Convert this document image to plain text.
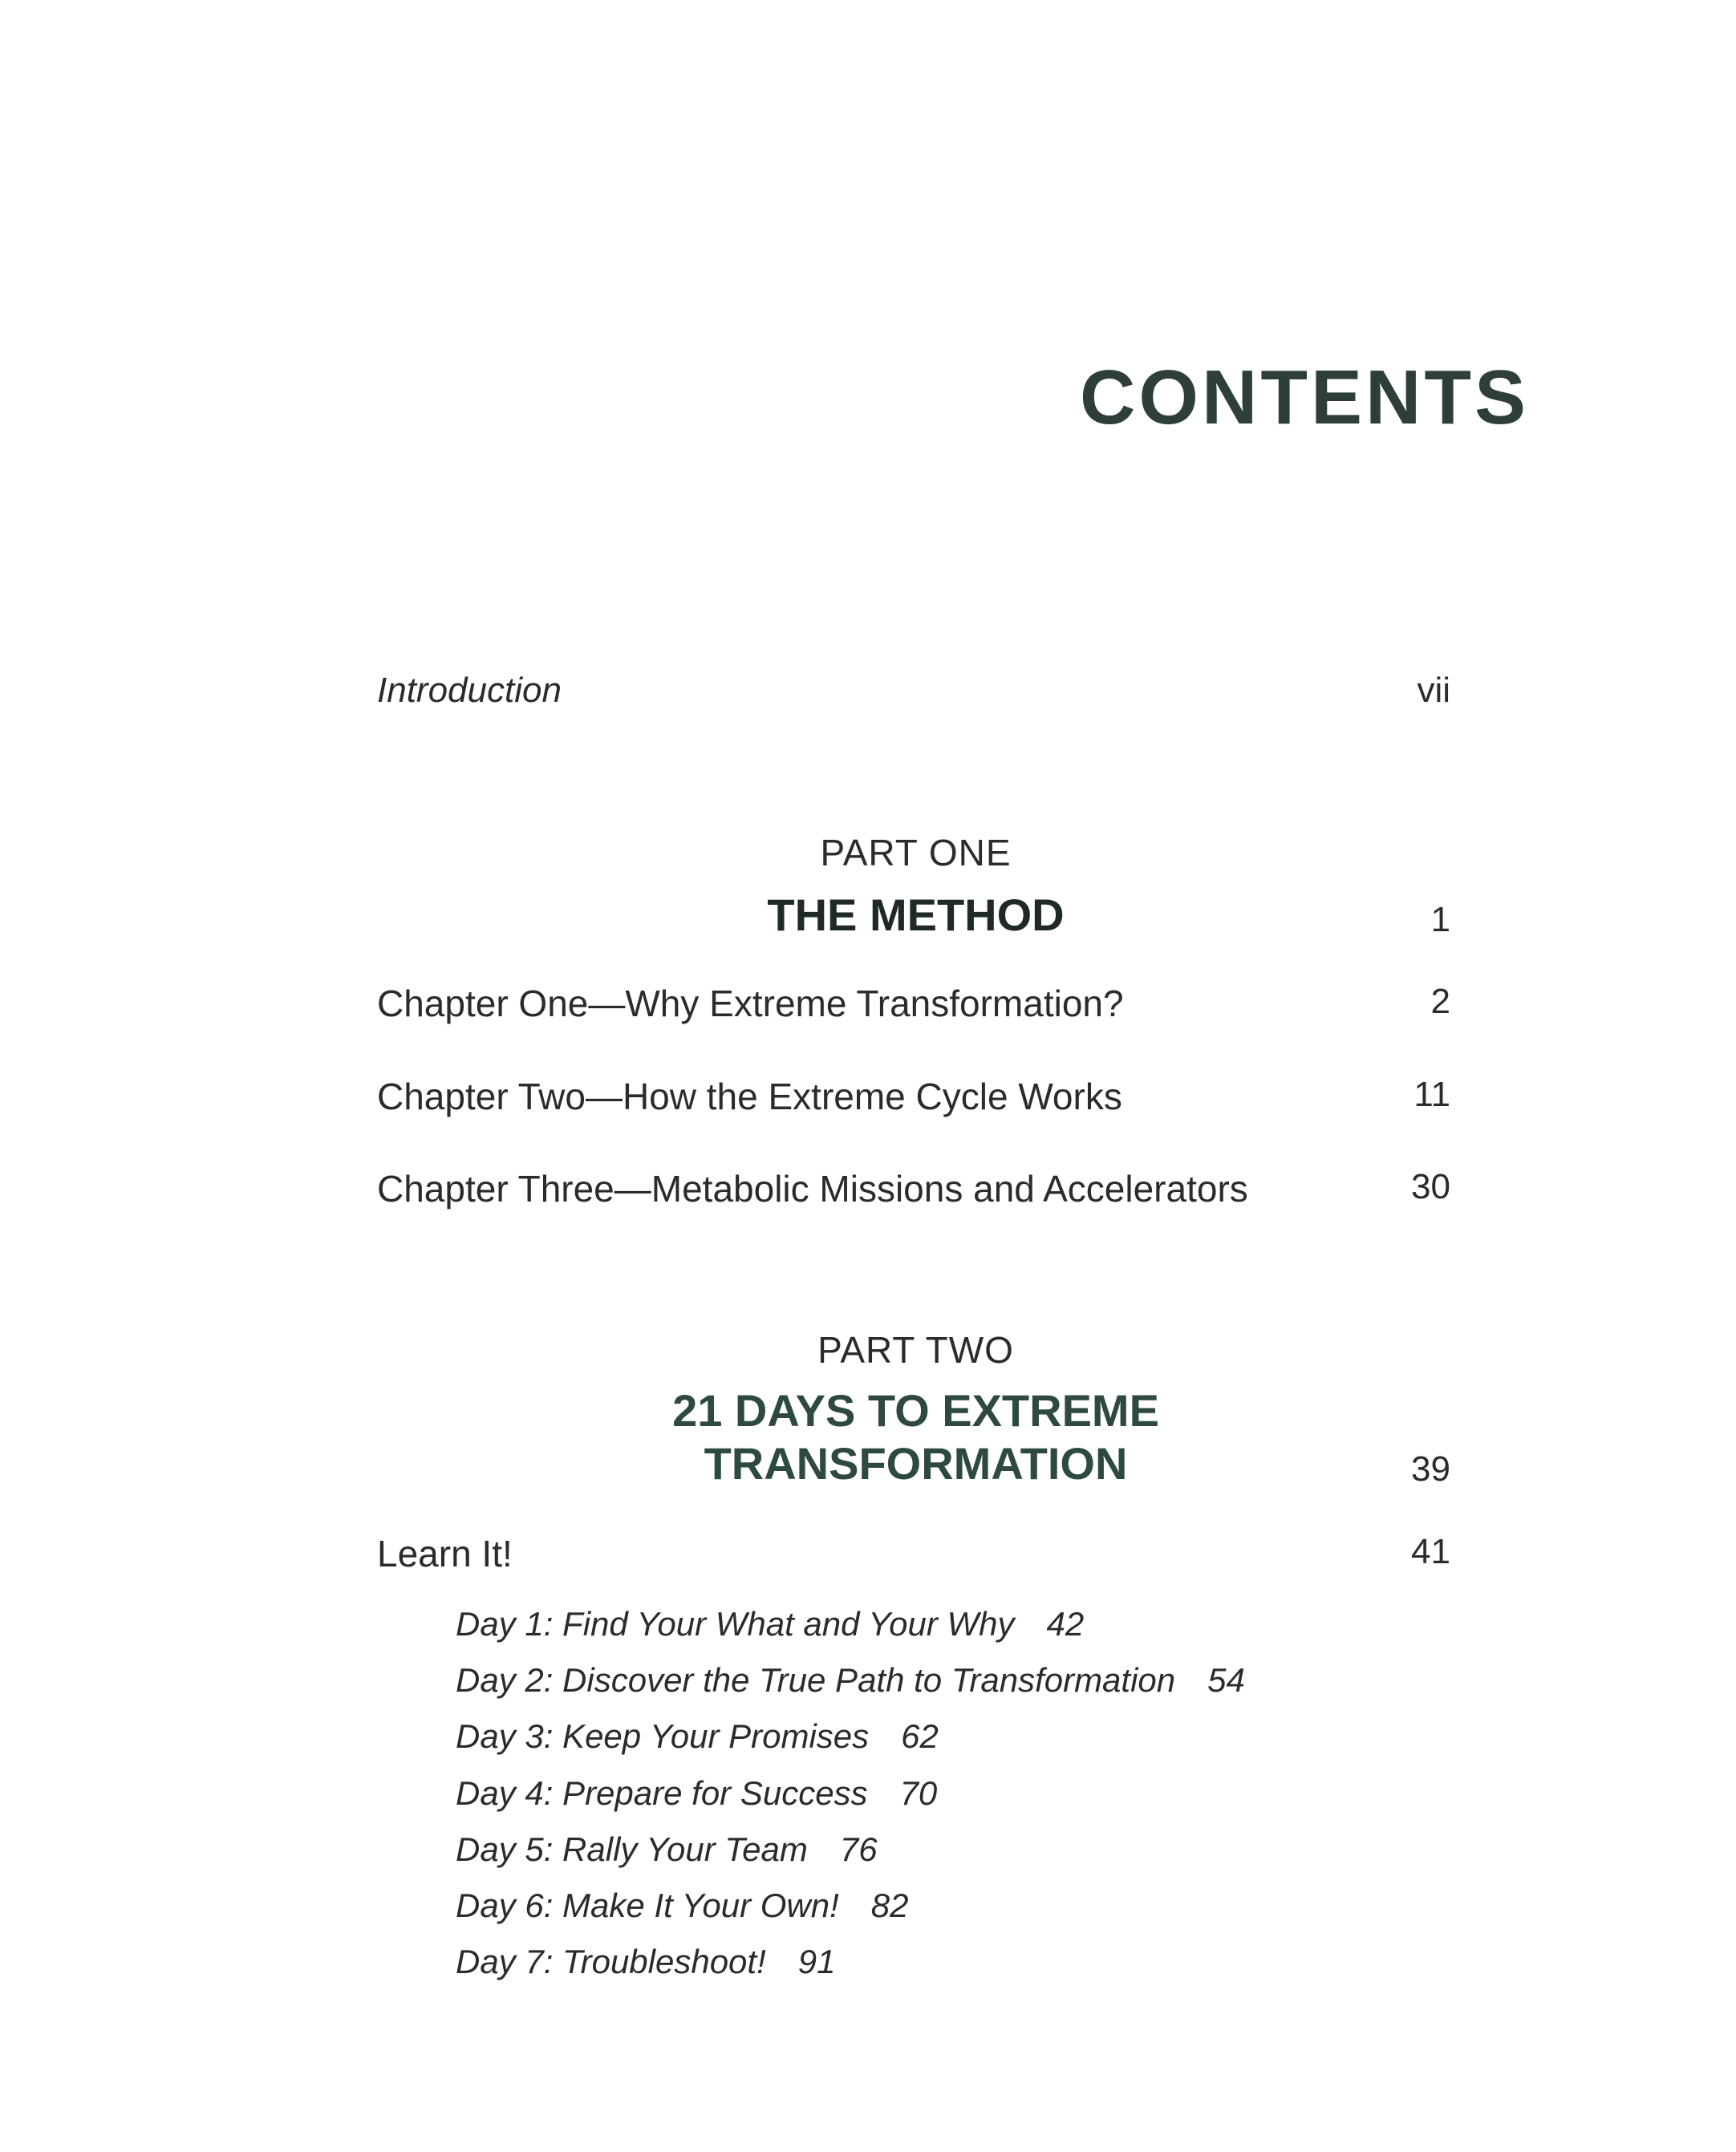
CONTENTS
Introduction	vii
PART ONE
THE METHOD	1
Chapter One—Why Extreme Transformation?	2
Chapter Two—How the Extreme Cycle Works	11
Chapter Three—Metabolic Missions and Accelerators	30
PART TWO
21 DAYS TO EXTREME
TRANSFORMATION	39
Learn It!	41
Day 1: Find Your What and Your Why 42
Day 2: Discover the True Path to Transformation 54
Day 3: Keep Your Promises 62
Day 4: Prepare for Success 70
Day 5: Rally Your Team 76
Day 6: Make It Your Own! 82
Day 7: Troubleshoot! 91
